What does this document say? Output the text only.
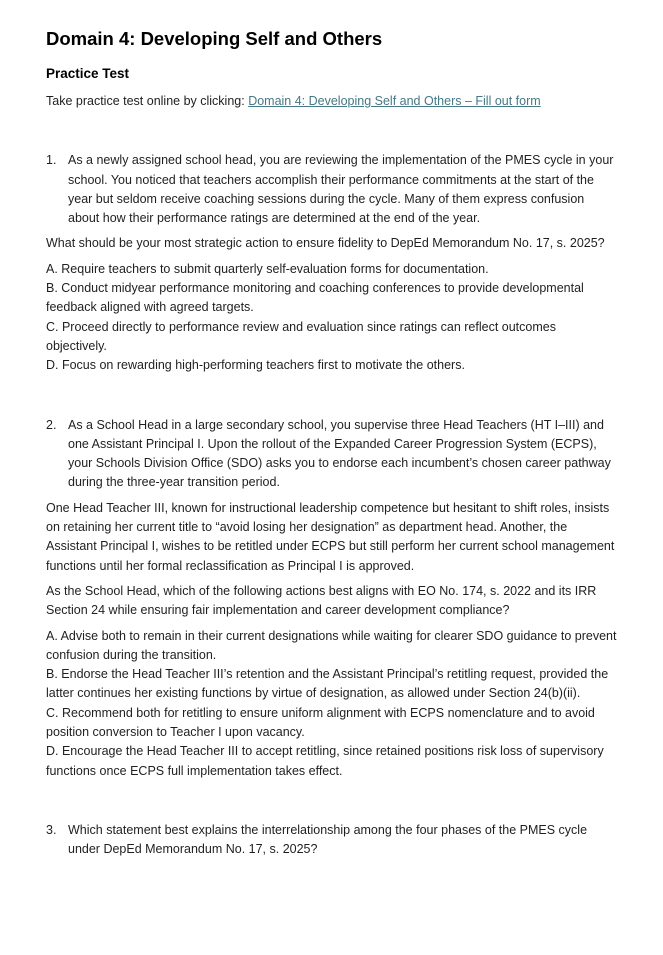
Domain 4: Developing Self and Others
Practice Test

Take practice test online by clicking: Domain 4: Developing Self and Others – Fill out form

1. As a newly assigned school head, you are reviewing the implementation of the PMES cycle in your school. You noticed that teachers accomplish their performance commitments at the start of the year but seldom receive coaching sessions during the cycle. Many of them express confusion about how their performance ratings are determined at the end of the year.

What should be your most strategic action to ensure fidelity to DepEd Memorandum No. 17, s. 2025?

A. Require teachers to submit quarterly self-evaluation forms for documentation.
B. Conduct midyear performance monitoring and coaching conferences to provide developmental feedback aligned with agreed targets.
C. Proceed directly to performance review and evaluation since ratings can reflect outcomes objectively.
D. Focus on rewarding high-performing teachers first to motivate the others.
2. As a School Head in a large secondary school, you supervise three Head Teachers (HT I–III) and one Assistant Principal I. Upon the rollout of the Expanded Career Progression System (ECPS), your Schools Division Office (SDO) asks you to endorse each incumbent’s chosen career pathway during the three-year transition period.

One Head Teacher III, known for instructional leadership competence but hesitant to shift roles, insists on retaining her current title to “avoid losing her designation” as department head. Another, the Assistant Principal I, wishes to be retitled under ECPS but still perform her current school management functions until her formal reclassification as Principal I is approved.

As the School Head, which of the following actions best aligns with EO No. 174, s. 2022 and its IRR Section 24 while ensuring fair implementation and career development compliance?

A. Advise both to remain in their current designations while waiting for clearer SDO guidance to prevent confusion during the transition.
B. Endorse the Head Teacher III’s retention and the Assistant Principal’s retitling request, provided the latter continues her existing functions by virtue of designation, as allowed under Section 24(b)(ii).
C. Recommend both for retitling to ensure uniform alignment with ECPS nomenclature and to avoid position conversion to Teacher I upon vacancy.
D. Encourage the Head Teacher III to accept retitling, since retained positions risk loss of supervisory functions once ECPS full implementation takes effect.
3. Which statement best explains the interrelationship among the four phases of the PMES cycle under DepEd Memorandum No. 17, s. 2025?
